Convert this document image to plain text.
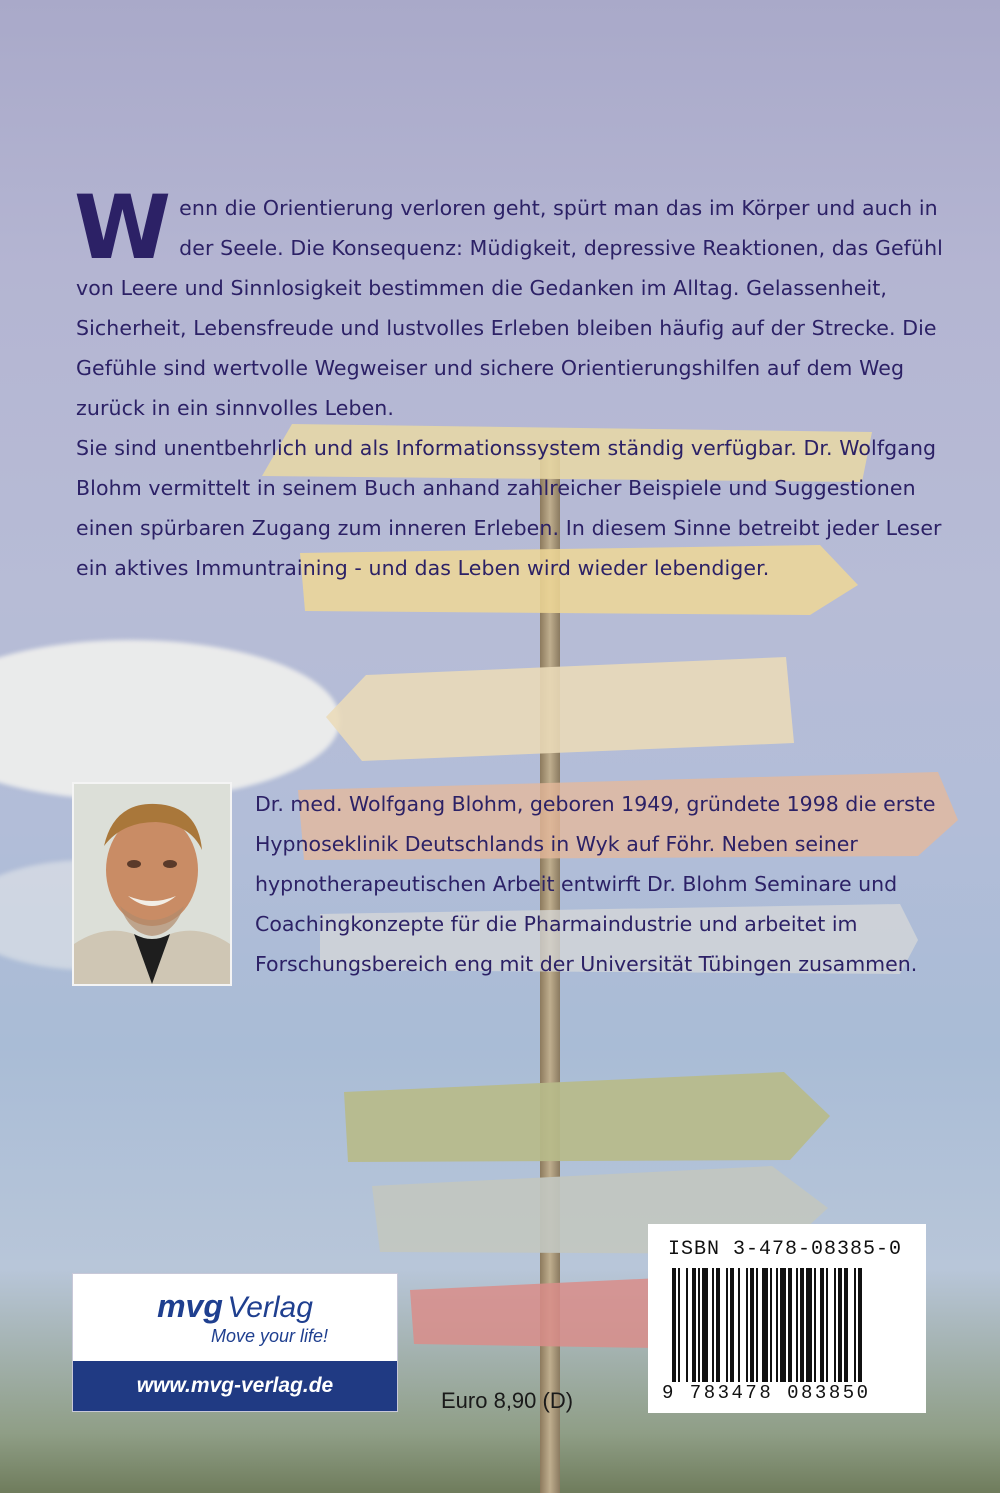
Wenn die Orientierung verloren geht, spürt man das im Körper und auch in der Seele. Die Konsequenz: Müdigkeit, depressive Reaktionen, das Gefühl von Leere und Sinnlosigkeit bestimmen die Gedanken im Alltag. Gelassenheit, Sicherheit, Lebensfreude und lustvolles Erleben bleiben häufig auf der Strecke. Die Gefühle sind wertvolle Wegweiser und sichere Orientierungshilfen auf dem Weg zurück in ein sinnvolles Leben.

Sie sind unentbehrlich und als Informationssystem ständig verfügbar. Dr. Wolfgang Blohm vermittelt in seinem Buch anhand zahlreicher Beispiele und Suggestionen einen spürbaren Zugang zum inneren Erleben. In diesem Sinne betreibt jeder Leser ein aktives Immuntraining - und das Leben wird wieder lebendiger.

Dr. med. Wolfgang Blohm, geboren 1949, gründete 1998 die erste Hypnoseklinik Deutschlands in Wyk auf Föhr. Neben seiner hypnotherapeutischen Arbeit entwirft Dr. Blohm Seminare und Coachingkonzepte für die Pharmaindustrie und arbeitet im Forschungsbereich eng mit der Universität Tübingen zusammen.

mvg Verlag
Move your life!
www.mvg-verlag.de
Euro 8,90 (D)
ISBN 3-478-08385-0
9 783478 083850
